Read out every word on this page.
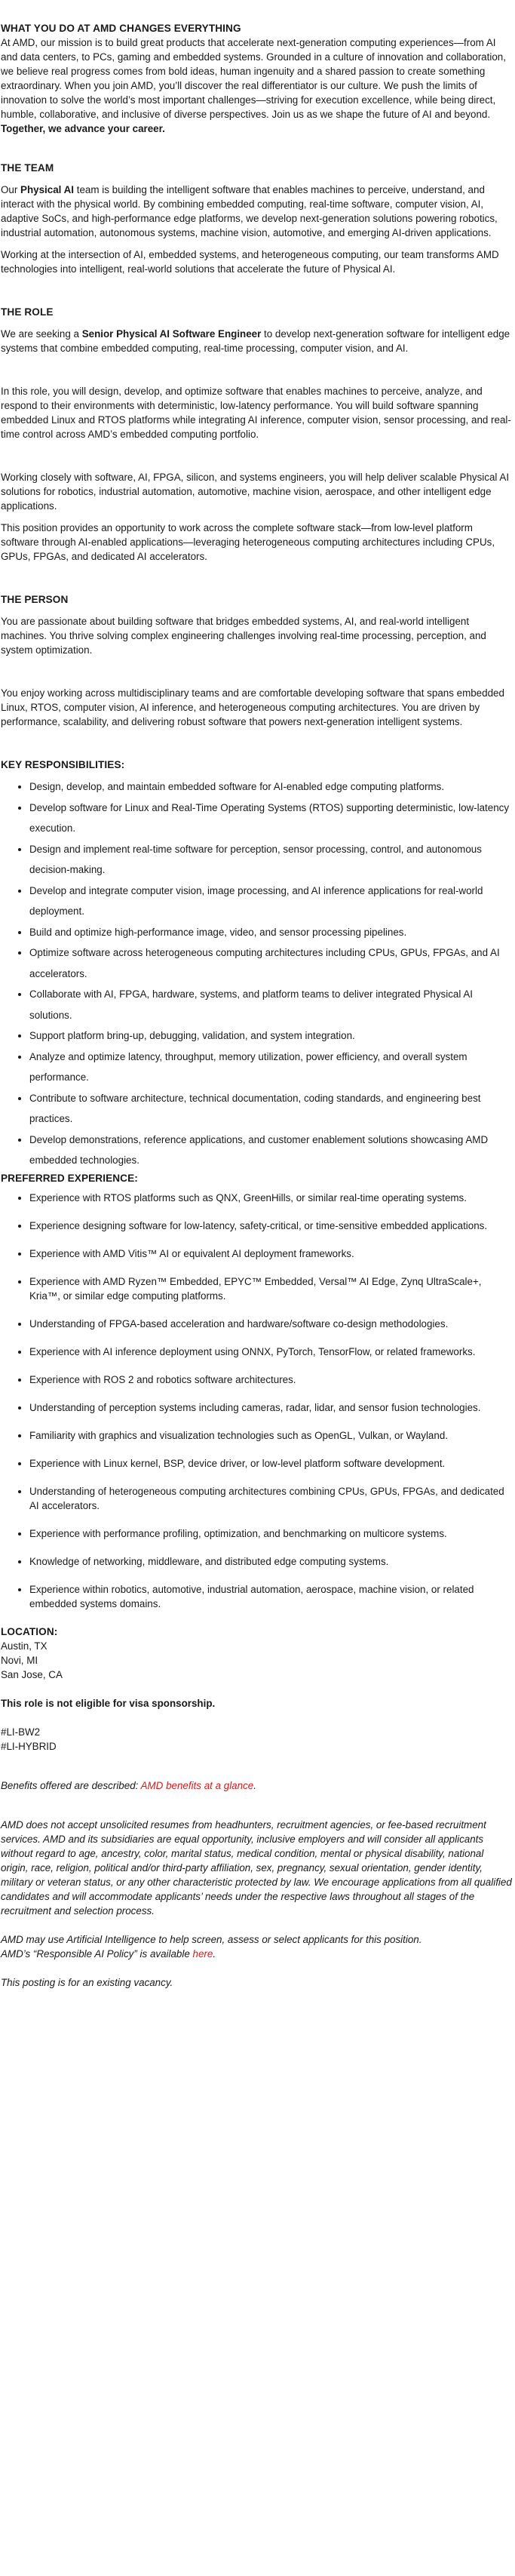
WHAT YOU DO AT AMD CHANGES EVERYTHING

At AMD, our mission is to build great products that accelerate next-generation computing experiences—from AI and data centers, to PCs, gaming and embedded systems. Grounded in a culture of innovation and collaboration, we believe real progress comes from bold ideas, human ingenuity and a shared passion to create something extraordinary. When you join AMD, you’ll discover the real differentiator is our culture. We push the limits of innovation to solve the world’s most important challenges—striving for execution excellence, while being direct, humble, collaborative, and inclusive of diverse perspectives. Join us as we shape the future of AI and beyond. Together, we advance your career.

THE TEAM

Our Physical AI team is building the intelligent software that enables machines to perceive, understand, and interact with the physical world. By combining embedded computing, real-time software, computer vision, AI, adaptive SoCs, and high-performance edge platforms, we develop next-generation solutions powering robotics, industrial automation, autonomous systems, machine vision, automotive, and emerging AI-driven applications.

Working at the intersection of AI, embedded systems, and heterogeneous computing, our team transforms AMD technologies into intelligent, real-world solutions that accelerate the future of Physical AI.

THE ROLE

We are seeking a Senior Physical AI Software Engineer to develop next-generation software for intelligent edge systems that combine embedded computing, real-time processing, computer vision, and AI.

In this role, you will design, develop, and optimize software that enables machines to perceive, analyze, and respond to their environments with deterministic, low-latency performance. You will build software spanning embedded Linux and RTOS platforms while integrating AI inference, computer vision, sensor processing, and real-time control across AMD’s embedded computing portfolio.

Working closely with software, AI, FPGA, silicon, and systems engineers, you will help deliver scalable Physical AI solutions for robotics, industrial automation, automotive, machine vision, aerospace, and other intelligent edge applications.

This position provides an opportunity to work across the complete software stack—from low-level platform software through AI-enabled applications—leveraging heterogeneous computing architectures including CPUs, GPUs, FPGAs, and dedicated AI accelerators.

THE PERSON

You are passionate about building software that bridges embedded systems, AI, and real-world intelligent machines. You thrive solving complex engineering challenges involving real-time processing, perception, and system optimization.

You enjoy working across multidisciplinary teams and are comfortable developing software that spans embedded Linux, RTOS, computer vision, AI inference, and heterogeneous computing architectures. You are driven by performance, scalability, and delivering robust software that powers next-generation intelligent systems.

KEY RESPONSIBILITIES:
• Design, develop, and maintain embedded software for AI-enabled edge computing platforms.
• Develop software for Linux and Real-Time Operating Systems (RTOS) supporting deterministic, low-latency execution.
• Design and implement real-time software for perception, sensor processing, control, and autonomous decision-making.
• Develop and integrate computer vision, image processing, and AI inference applications for real-world deployment.
• Build and optimize high-performance image, video, and sensor processing pipelines.
• Optimize software across heterogeneous computing architectures including CPUs, GPUs, FPGAs, and AI accelerators.
• Collaborate with AI, FPGA, hardware, systems, and platform teams to deliver integrated Physical AI solutions.
• Support platform bring-up, debugging, validation, and system integration.
• Analyze and optimize latency, throughput, memory utilization, power efficiency, and overall system performance.
• Contribute to software architecture, technical documentation, coding standards, and engineering best practices.
• Develop demonstrations, reference applications, and customer enablement solutions showcasing AMD embedded technologies.
PREFERRED EXPERIENCE:
• Experience with RTOS platforms such as QNX, GreenHills, or similar real-time operating systems.
• Experience designing software for low-latency, safety-critical, or time-sensitive embedded applications.
• Experience with AMD Vitis™ AI or equivalent AI deployment frameworks.
• Experience with AMD Ryzen™ Embedded, EPYC™ Embedded, Versal™ AI Edge, Zynq UltraScale+, Kria™, or similar edge computing platforms.
• Understanding of FPGA-based acceleration and hardware/software co-design methodologies.
• Experience with AI inference deployment using ONNX, PyTorch, TensorFlow, or related frameworks.
• Experience with ROS 2 and robotics software architectures.
• Understanding of perception systems including cameras, radar, lidar, and sensor fusion technologies.
• Familiarity with graphics and visualization technologies such as OpenGL, Vulkan, or Wayland.
• Experience with Linux kernel, BSP, device driver, or low-level platform software development.
• Understanding of heterogeneous computing architectures combining CPUs, GPUs, FPGAs, and dedicated AI accelerators.
• Experience with performance profiling, optimization, and benchmarking on multicore systems.
• Knowledge of networking, middleware, and distributed edge computing systems.
• Experience within robotics, automotive, industrial automation, aerospace, machine vision, or related embedded systems domains.
LOCATION:
Austin, TX
Novi, MI
San Jose, CA

This role is not eligible for visa sponsorship.

#LI-BW2
#LI-HYBRID

Benefits offered are described: AMD benefits at a glance.

AMD does not accept unsolicited resumes from headhunters, recruitment agencies, or fee-based recruitment services. AMD and its subsidiaries are equal opportunity, inclusive employers and will consider all applicants without regard to age, ancestry, color, marital status, medical condition, mental or physical disability, national origin, race, religion, political and/or third-party affiliation, sex, pregnancy, sexual orientation, gender identity, military or veteran status, or any other characteristic protected by law. We encourage applications from all qualified candidates and will accommodate applicants’ needs under the respective laws throughout all stages of the recruitment and selection process.

AMD may use Artificial Intelligence to help screen, assess or select applicants for this position.

AMD’s “Responsible AI Policy” is available here.

This posting is for an existing vacancy.
